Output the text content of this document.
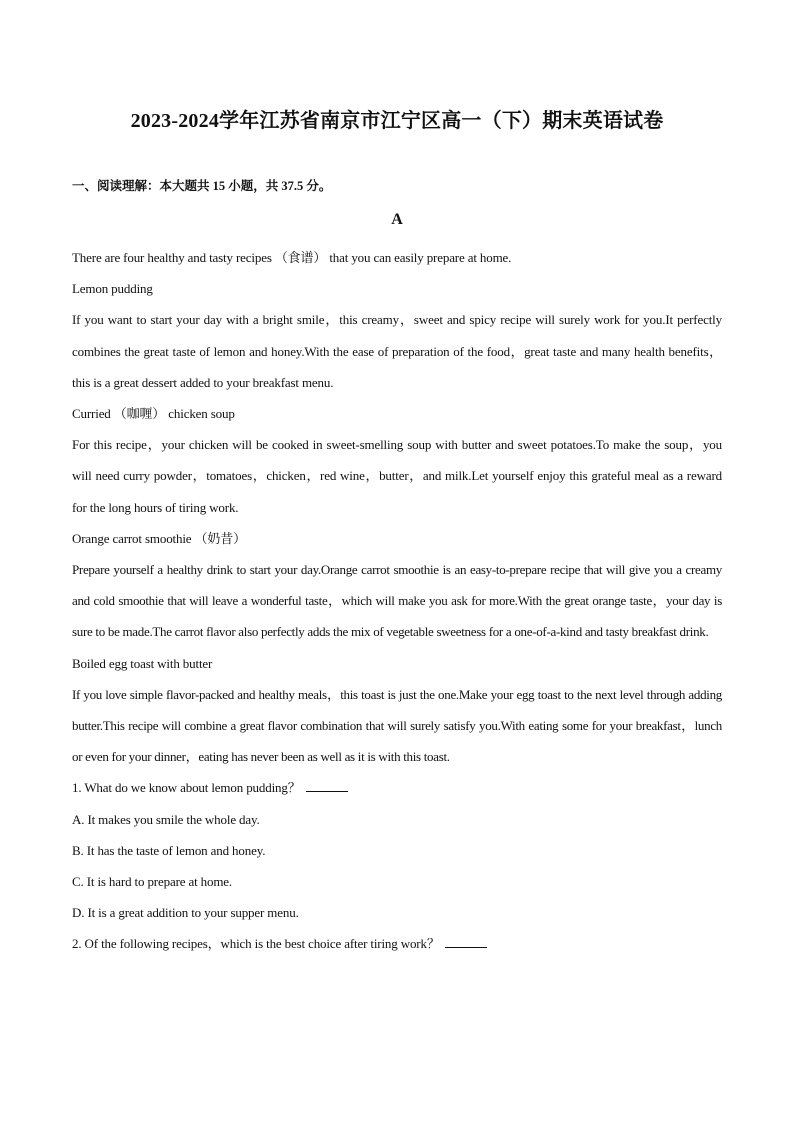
2023-2024学年江苏省南京市江宁区高一（下）期末英语试卷
一、阅读理解：本大题共 15 小题，共 37.5 分。
A

There are four healthy and tasty recipes （食谱） that you can easily prepare at home.

Lemon pudding

If you want to start your day with a bright smile，this creamy，sweet and spicy recipe will surely work for you.It perfectly combines the great taste of lemon and honey.With the ease of preparation of the food，great taste and many health benefits，this is a great dessert added to your breakfast menu.

Curried （咖喱） chicken soup

For this recipe，your chicken will be cooked in sweet-smelling soup with butter and sweet potatoes.To make the soup，you will need curry powder，tomatoes，chicken，red wine，butter，and milk.Let yourself enjoy this grateful meal as a reward for the long hours of tiring work.

Orange carrot smoothie （奶昔）

Prepare yourself a healthy drink to start your day.Orange carrot smoothie is an easy-to-prepare recipe that will give you a creamy and cold smoothie that will leave a wonderful taste，which will make you ask for more.With the great orange taste，your day is sure to be made.The carrot flavor also perfectly adds the mix of vegetable sweetness for a one-of-a-kind and tasty breakfast drink.

Boiled egg toast with butter

If you love simple flavor-packed and healthy meals，this toast is just the one.Make your egg toast to the next level through adding butter.This recipe will combine a great flavor combination that will surely satisfy you.With eating some for your breakfast，lunch or even for your dinner，eating has never been as well as it is with this toast.

1. What do we know about lemon pudding？

A. It makes you smile the whole day.

B. It has the taste of lemon and honey.

C. It is hard to prepare at home.

D. It is a great addition to your supper menu.

2. Of the following recipes，which is the best choice after tiring work？
